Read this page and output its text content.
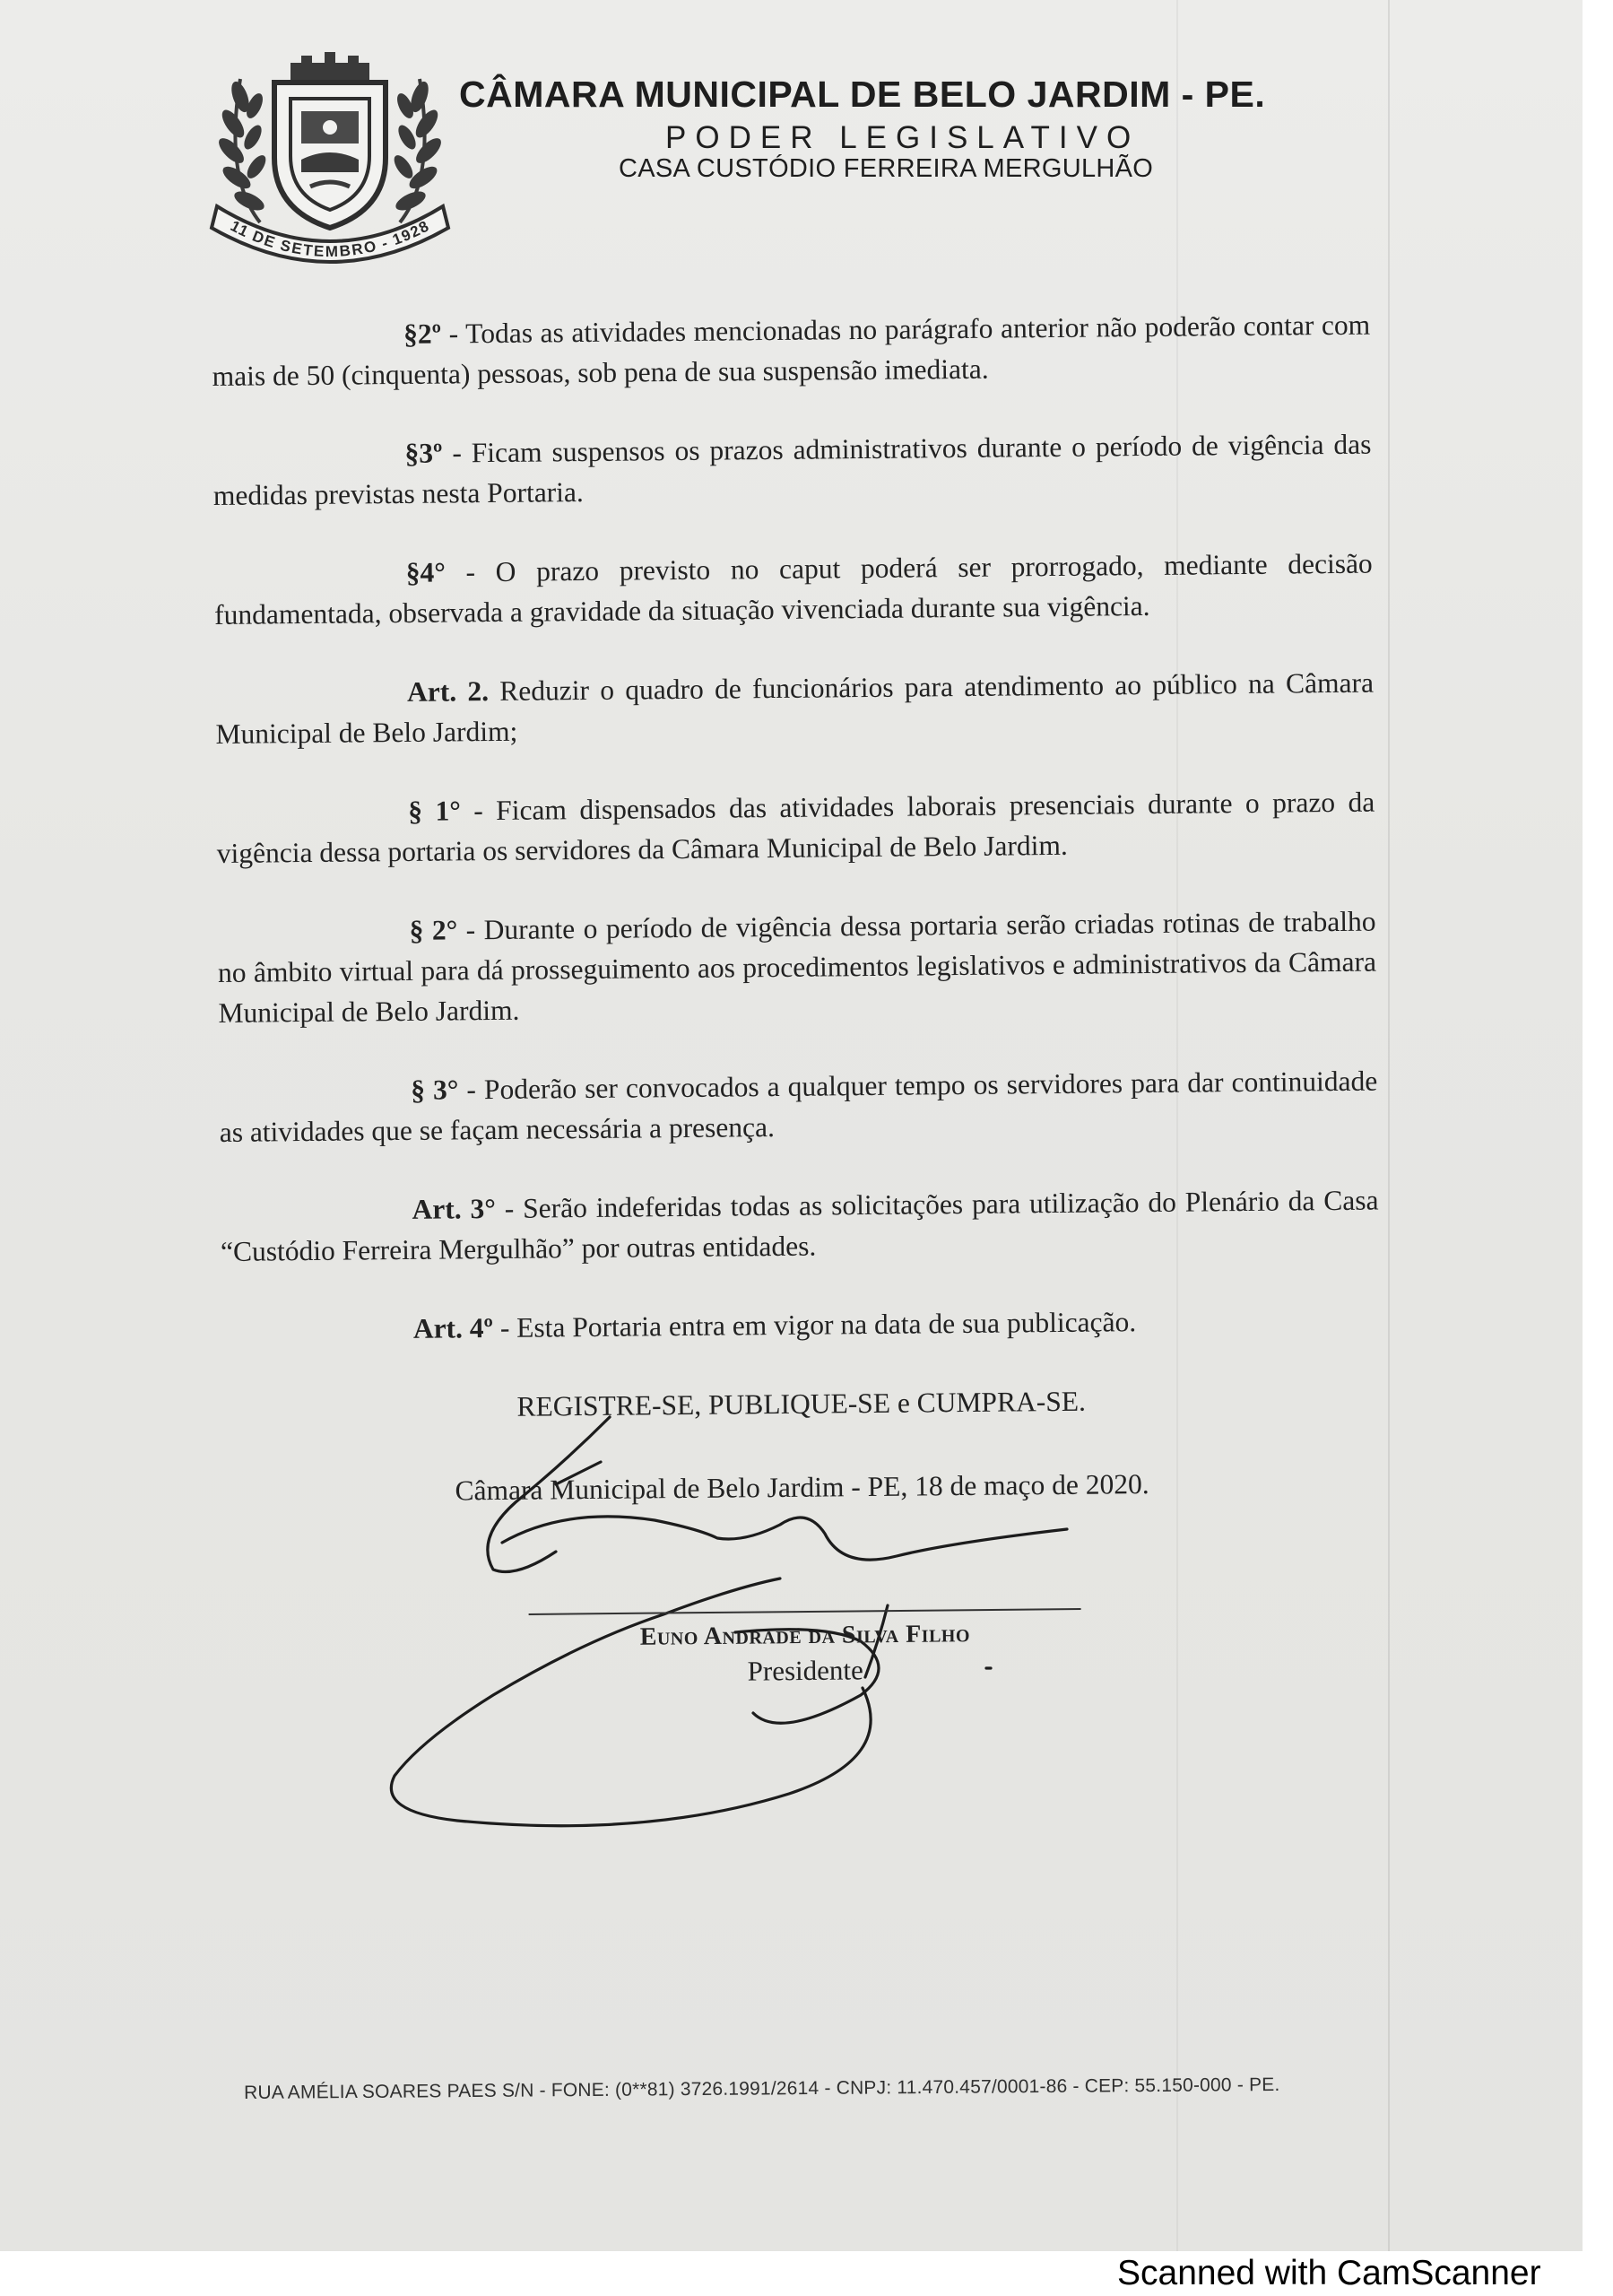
11 DE SETEMBRO - 1928
CÂMARA MUNICIPAL DE BELO JARDIM - PE.
PODER LEGISLATIVO
CASA CUSTÓDIO FERREIRA MERGULHÃO

§2º - Todas as atividades mencionadas no parágrafo anterior não poderão contar com mais de 50 (cinquenta) pessoas, sob pena de sua suspensão imediata.

§3º - Ficam suspensos os prazos administrativos durante o período de vigência das medidas previstas nesta Portaria.

§4° - O prazo previsto no caput poderá ser prorrogado, mediante decisão fundamentada, observada a gravidade da situação vivenciada durante sua vigência.

Art. 2. Reduzir o quadro de funcionários para atendimento ao público na Câmara Municipal de Belo Jardim;

§ 1° - Ficam dispensados das atividades laborais presenciais durante o prazo da vigência dessa portaria os servidores da Câmara Municipal de Belo Jardim.

§ 2° - Durante o período de vigência dessa portaria serão criadas rotinas de trabalho no âmbito virtual para dá prosseguimento aos procedimentos legislativos e administrativos da Câmara Municipal de Belo Jardim.

§ 3° - Poderão ser convocados a qualquer tempo os servidores para dar continuidade as atividades que se façam necessária a presença.

Art. 3° - Serão indeferidas todas as solicitações para utilização do Plenário da Casa “Custódio Ferreira Mergulhão” por outras entidades.

Art. 4º - Esta Portaria entra em vigor na data de sua publicação.

REGISTRE-SE, PUBLIQUE-SE e CUMPRA-SE.

Câmara Municipal de Belo Jardim - PE, 18 de maço de 2020.

Euno Andrade da Silva Filho
Presidente
RUA AMÉLIA SOARES PAES S/N - FONE: (0**81) 3726.1991/2614 - CNPJ: 11.470.457/0001-86 - CEP: 55.150-000 - PE.
Scanned with CamScanner
